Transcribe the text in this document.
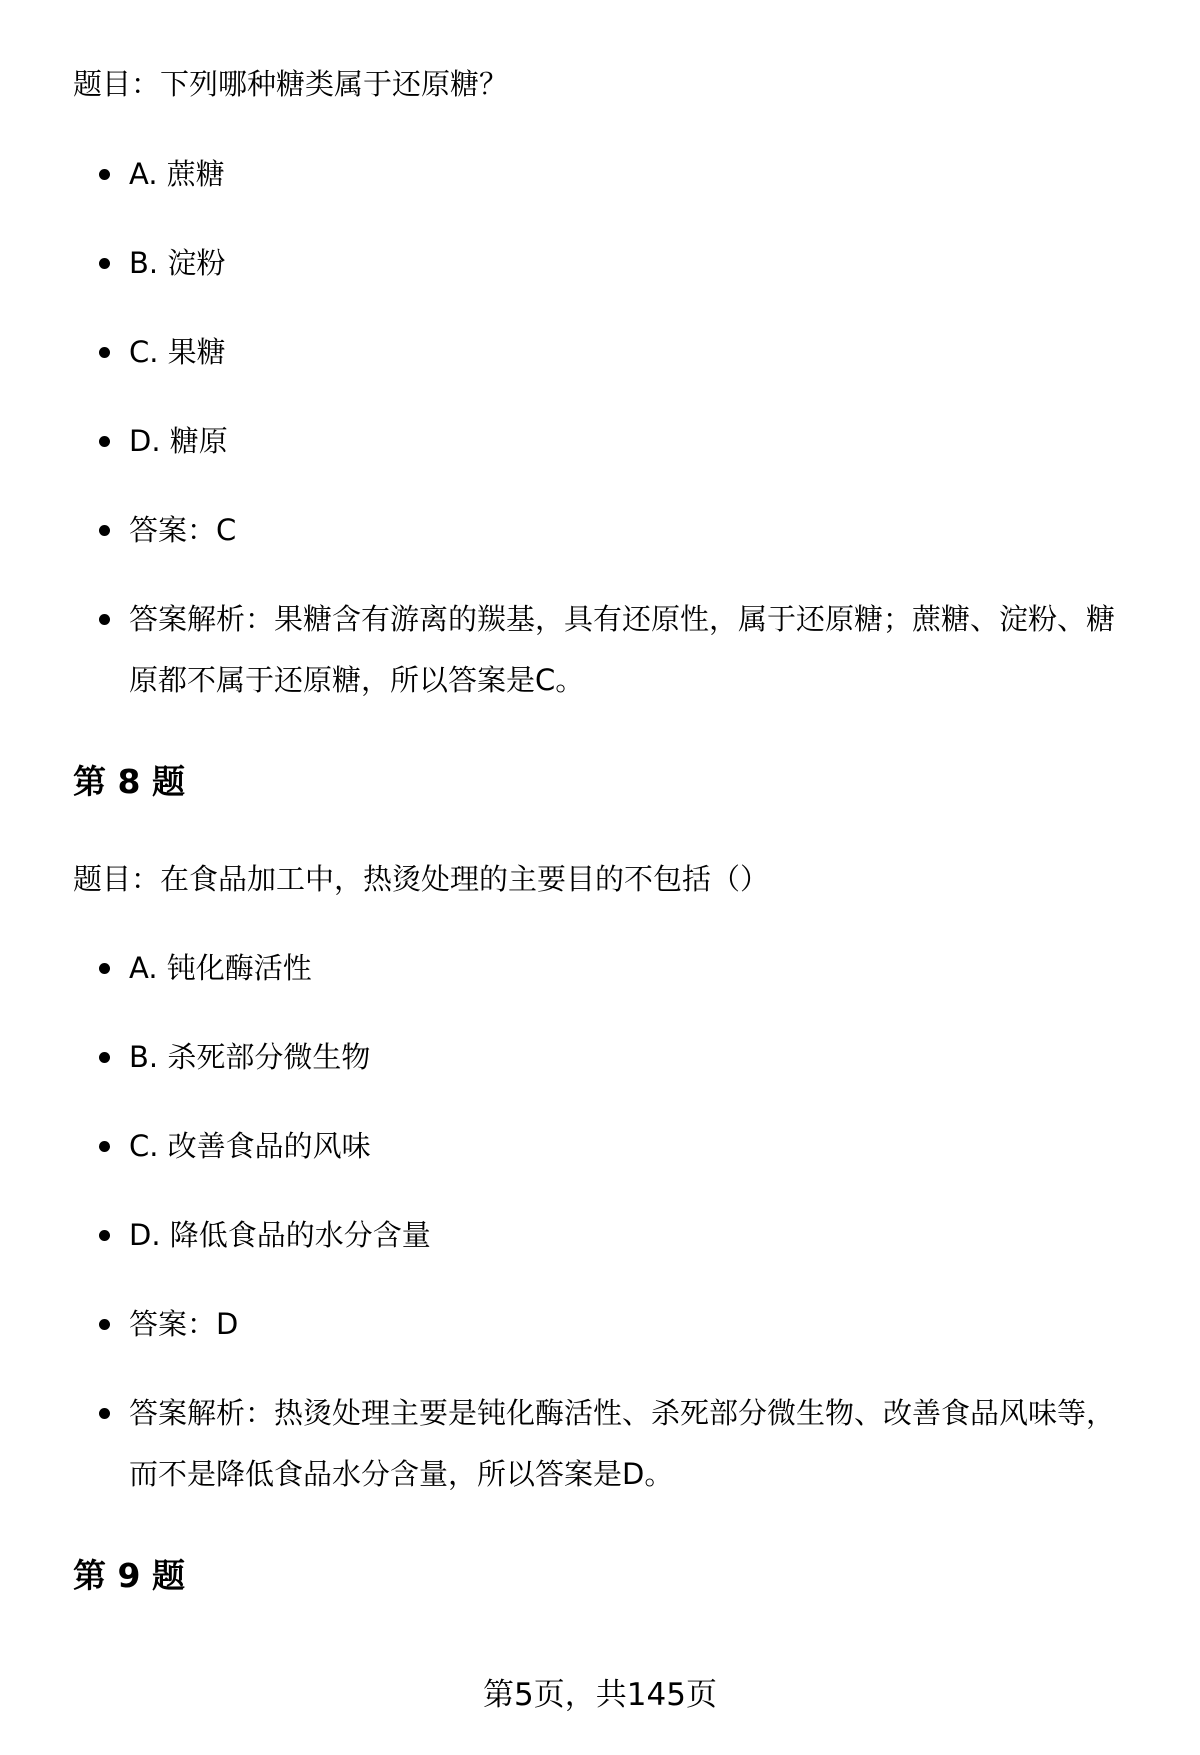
题目：下列哪种糖类属于还原糖？

A. 蔗糖
B. 淀粉
C. 果糖
D. 糖原
答案：C
答案解析：果糖含有游离的羰基，具有还原性，属于还原糖；蔗糖、淀粉、糖原都不属于还原糖，所以答案是C。
第 8 题

题目：在食品加工中，热烫处理的主要目的不包括（）

A. 钝化酶活性
B. 杀死部分微生物
C. 改善食品的风味
D. 降低食品的水分含量
答案：D
答案解析：热烫处理主要是钝化酶活性、杀死部分微生物、改善食品风味等，而不是降低食品水分含量，所以答案是D。
第 9 题
第5页，共145页
